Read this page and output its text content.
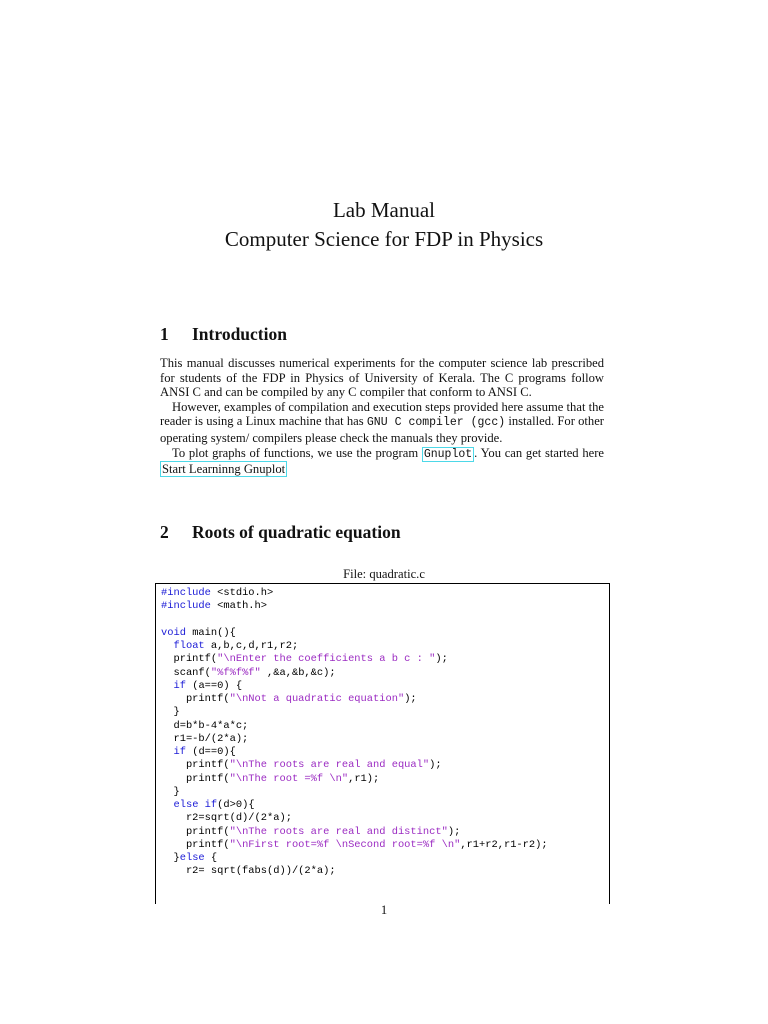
Lab Manual
Computer Science for FDP in Physics
1 Introduction

This manual discusses numerical experiments for the computer science lab prescribed for students of the FDP in Physics of University of Kerala. The C programs follow ANSI C and can be compiled by any C compiler that conform to ANSI C.

However, examples of compilation and execution steps provided here assume that the reader is using a Linux machine that has GNU C compiler (gcc) installed. For other operating system/ compilers please check the manuals they provide.

To plot graphs of functions, we use the program Gnuplot . You can get started here Start Learninng Gnuplot

2 Roots of quadratic equation
File: quadratic.c
#include <stdio.h>
#include <math.h>

void main(){
float a,b,c,d,r1,r2;
printf("\nEnter the coefficients a b c : ");
scanf("%f%f%f" ,&a,&b,&c);
if (a==0) {
printf("\nNot a quadratic equation");
}
d=b*b-4*a*c;
r1=-b/(2*a);
if (d==0){
printf("\nThe roots are real and equal");
printf("\nThe root =%f \n",r1);
}
else if(d>0){
r2=sqrt(d)/(2*a);
printf("\nThe roots are real and distinct");
printf("\nFirst root=%f \nSecond root=%f \n",r1+r2,r1-r2);
}else {
r2= sqrt(fabs(d))/(2*a);
1
